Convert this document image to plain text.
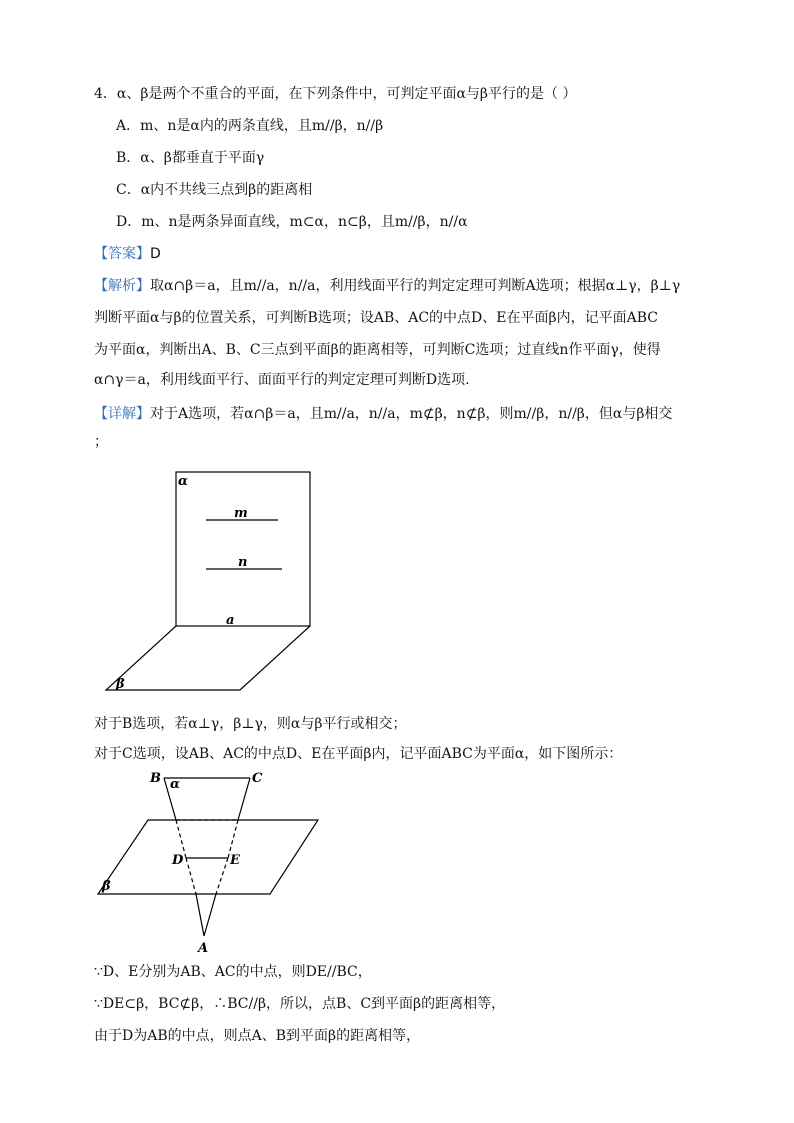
4．α、β是两个不重合的平面，在下列条件中，可判定平面α与β平行的是（ ）
A．m、n是α内的两条直线，且m//β，n//β
B．α、β都垂直于平面γ
C．α内不共线三点到β的距离相
D．m、n是两条异面直线，m⊂α，n⊂β，且m//β，n//α
【答案】D
【解析】取α∩β＝a，且m//a，n//a，利用线面平行的判定定理可判断A选项；根据α⊥γ，β⊥γ
判断平面α与β的位置关系，可判断B选项；设AB、AC的中点D、E在平面β内，记平面ABC
为平面α，判断出A、B、C三点到平面β的距离相等，可判断C选项；过直线n作平面γ，使得
α∩γ＝a，利用线面平行、面面平行的判定定理可判断D选项.
【详解】对于A选项，若α∩β＝a，且m//a，n//a，m⊄β，n⊄β，则m//β，n//β，但α与β相交
；
α
m
n
a
β
对于B选项，若α⊥γ，β⊥γ，则α与β平行或相交；
对于C选项，设AB、AC的中点D、E在平面β内，记平面ABC为平面α，如下图所示：
B	C
α
D	E
β
A
∵D、E分别为AB、AC的中点，则DE//BC，
∵DE⊂β，BC⊄β，∴BC//β，所以，点B、C到平面β的距离相等，
由于D为AB的中点，则点A、B到平面β的距离相等，
